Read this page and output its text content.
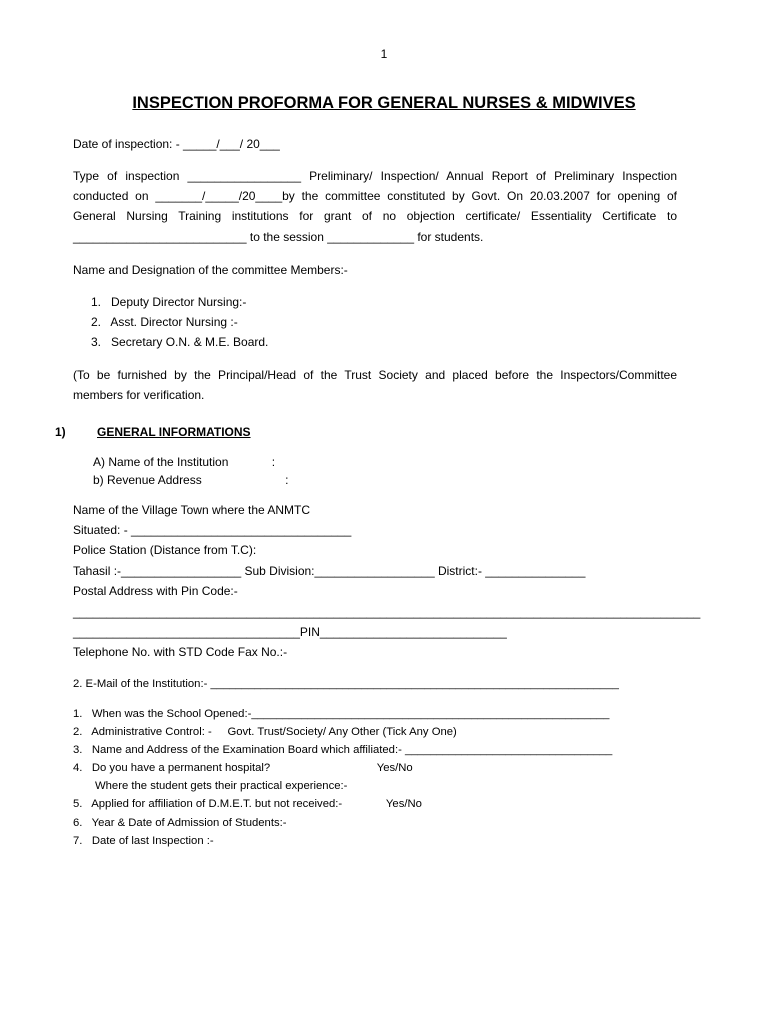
1
INSPECTION PROFORMA FOR GENERAL NURSES & MIDWIVES
Date of inspection: - _____/___/ 20___
Type of inspection _________________ Preliminary/ Inspection/ Annual Report of Preliminary Inspection
conducted on _______/_____/20____by the committee constituted by Govt. On 20.03.2007 for opening of
General Nursing Training institutions for grant of no objection certificate/ Essentiality Certificate to
__________________________ to the session _____________ for students.
Name and Designation of the committee Members:-
1.   Deputy Director Nursing:-
2.   Asst. Director Nursing :-
3.   Secretary O.N. & M.E. Board.
(To be furnished by the Principal/Head of the Trust Society and placed before the Inspectors/Committee
members for verification.
1)	GENERAL INFORMATIONS
A) Name of the Institution             :
b) Revenue Address                         :
Name of the Village Town where the ANMTC
Situated: - _________________________________
Police Station (Distance from T.C):
Tahasil :-__________________ Sub Division:__________________ District:- _______________
Postal Address with Pin Code:-
______________________________________________________________________________________________
__________________________________PIN____________________________
Telephone No. with STD Code Fax No.:-
2. E-Mail of the Institution:- _________________________________________________________________
1.   When was the School Opened:-_________________________________________________________
2.   Administrative Control: -     Govt. Trust/Society/ Any Other (Tick Any One)
3.   Name and Address of the Examination Board which affiliated:- _________________________________
4.   Do you have a permanent hospital?                                  Yes/No
Where the student gets their practical experience:-
5.   Applied for affiliation of D.M.E.T. but not received:-              Yes/No
6.   Year & Date of Admission of Students:-
7.   Date of last Inspection :-
